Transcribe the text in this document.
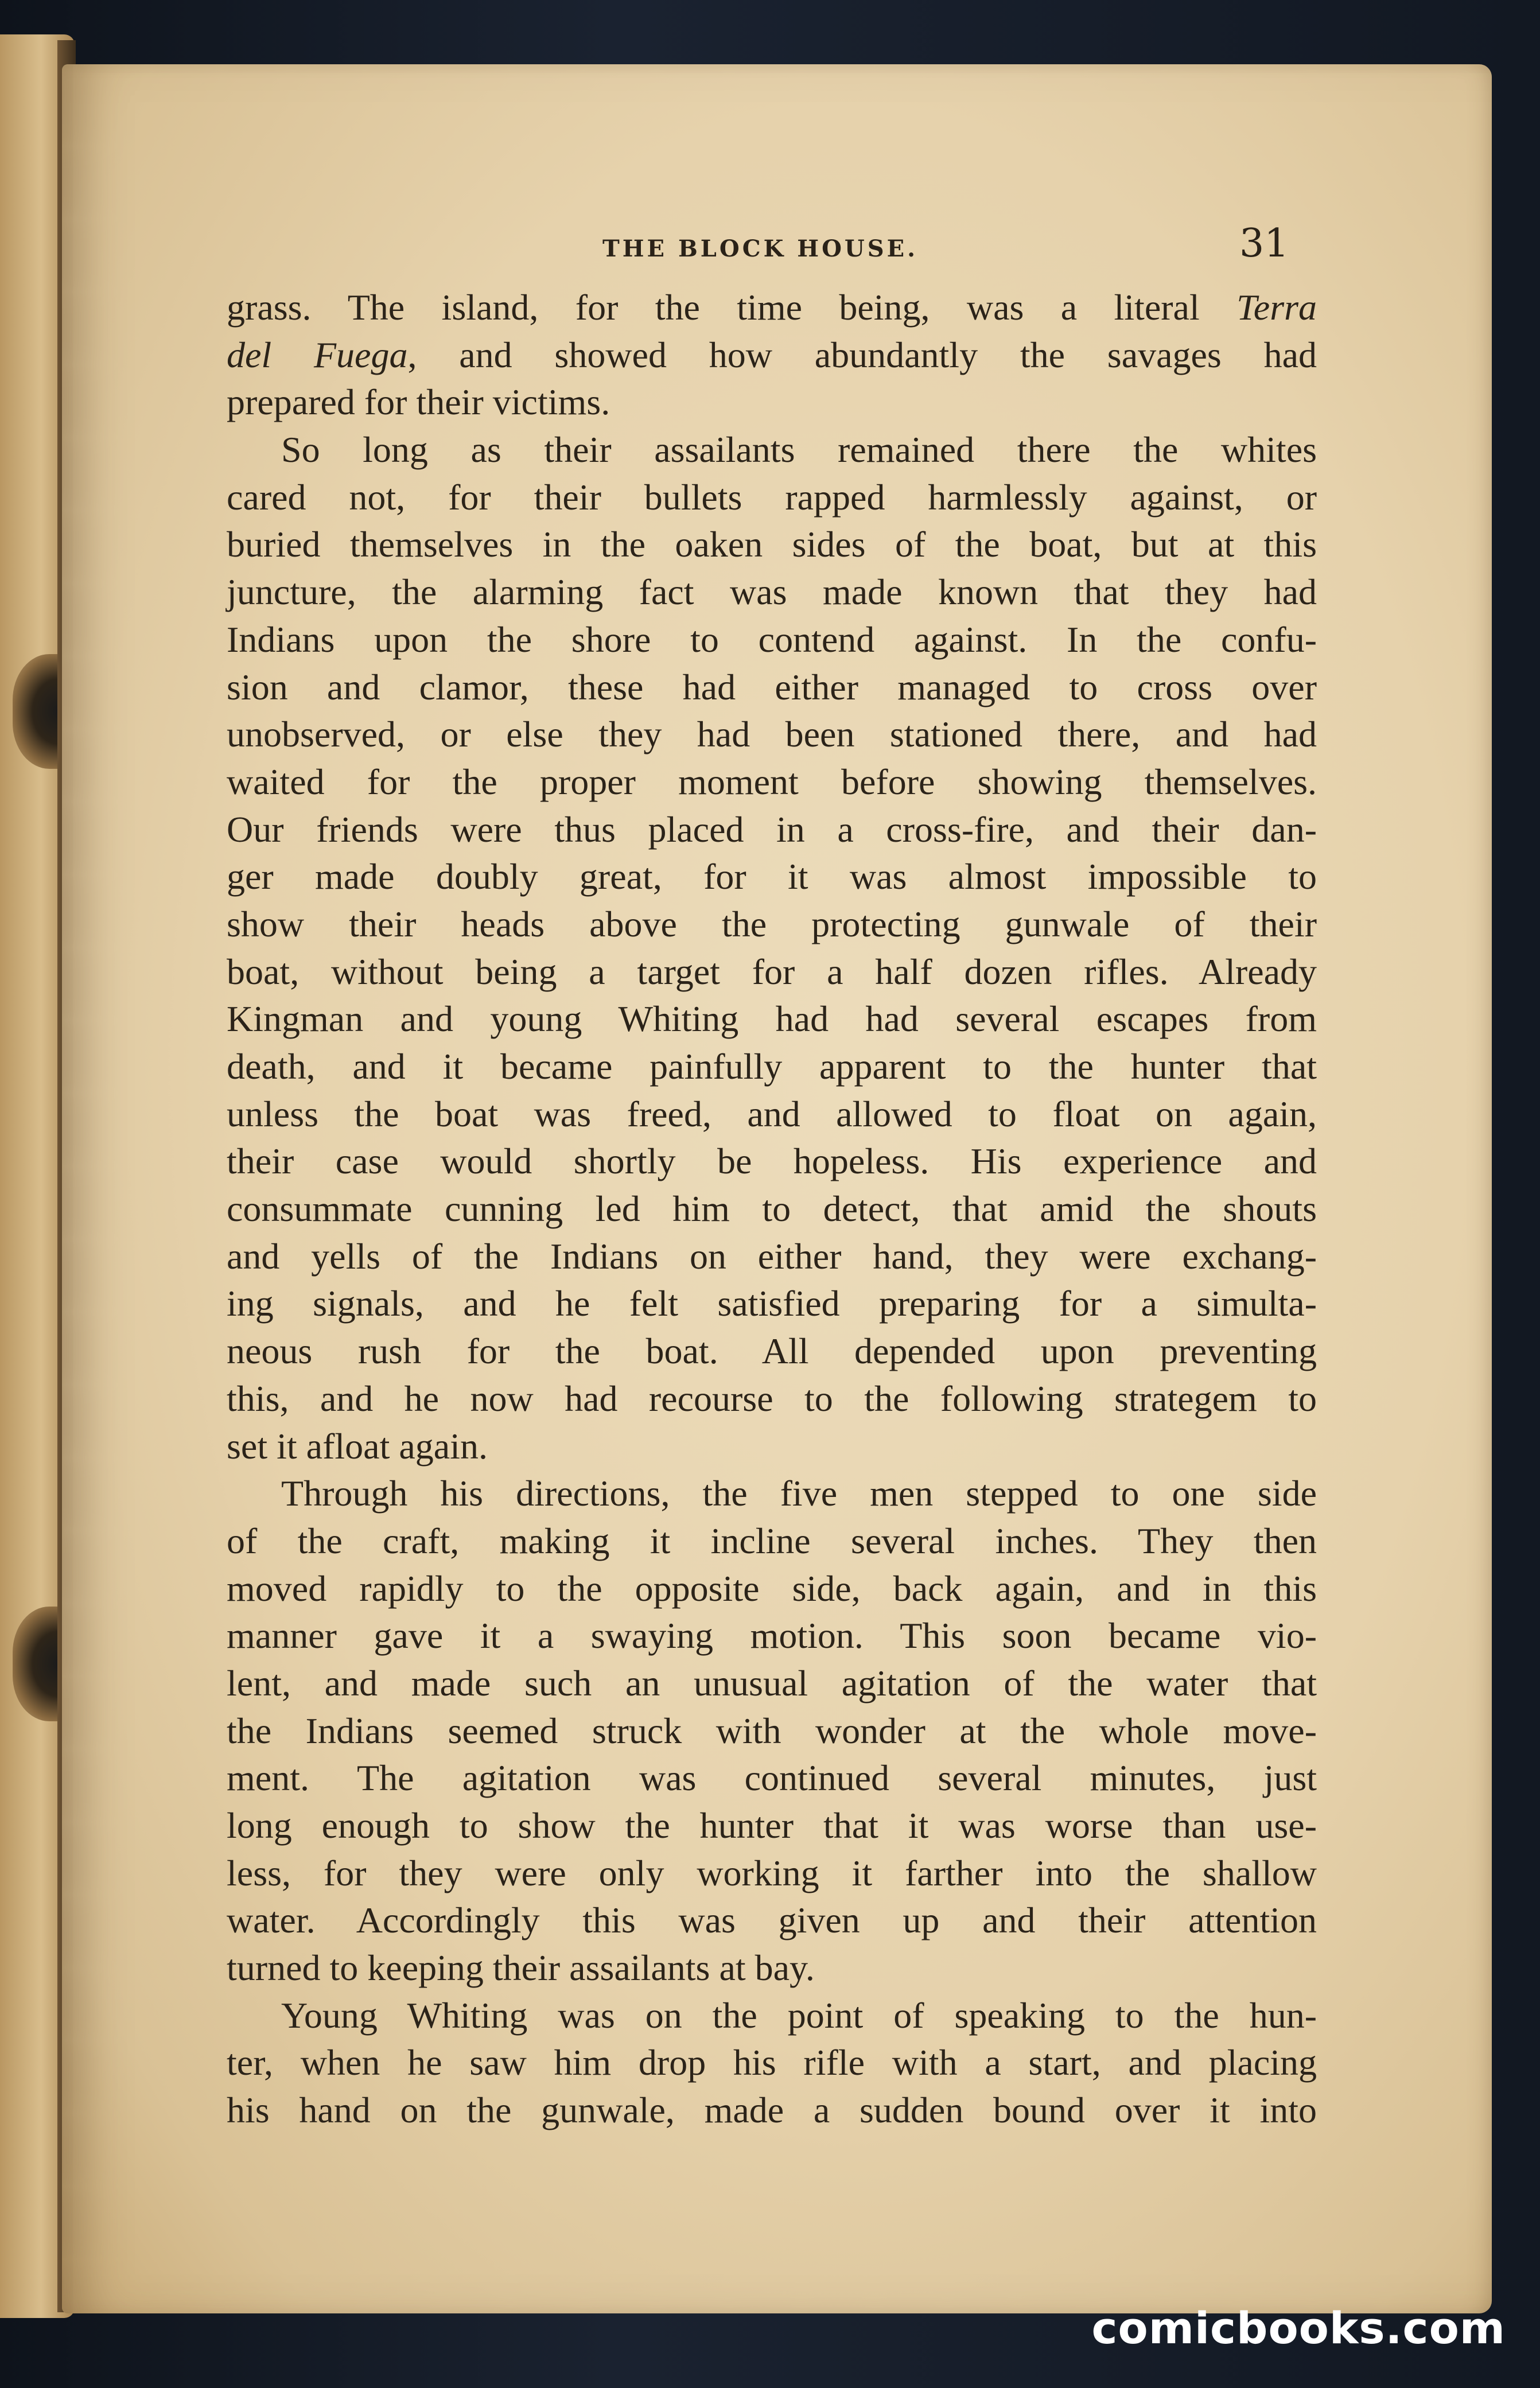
THE BLOCK HOUSE.	31
grass. The island, for the time being, was a literal Terra
del Fuega, and showed how abundantly the savages had
prepared for their victims.
So long as their assailants remained there the whites
cared not, for their bullets rapped harmlessly against, or
buried themselves in the oaken sides of the boat, but at this
juncture, the alarming fact was made known that they had
Indians upon the shore to contend against. In the confu-
sion and clamor, these had either managed to cross over
unobserved, or else they had been stationed there, and had
waited for the proper moment before showing themselves.
Our friends were thus placed in a cross-fire, and their dan-
ger made doubly great, for it was almost impossible to
show their heads above the protecting gunwale of their
boat, without being a target for a half dozen rifles. Already
Kingman and young Whiting had had several escapes from
death, and it became painfully apparent to the hunter that
unless the boat was freed, and allowed to float on again,
their case would shortly be hopeless. His experience and
consummate cunning led him to detect, that amid the shouts
and yells of the Indians on either hand, they were exchang-
ing signals, and he felt satisfied preparing for a simulta-
neous rush for the boat. All depended upon preventing
this, and he now had recourse to the following strategem to
set it afloat again.
Through his directions, the five men stepped to one side
of the craft, making it incline several inches. They then
moved rapidly to the opposite side, back again, and in this
manner gave it a swaying motion. This soon became vio-
lent, and made such an unusual agitation of the water that
the Indians seemed struck with wonder at the whole move-
ment. The agitation was continued several minutes, just
long enough to show the hunter that it was worse than use-
less, for they were only working it farther into the shallow
water. Accordingly this was given up and their attention
turned to keeping their assailants at bay.
Young Whiting was on the point of speaking to the hun-
ter, when he saw him drop his rifle with a start, and placing
his hand on the gunwale, made a sudden bound over it into
comicbooks.com
